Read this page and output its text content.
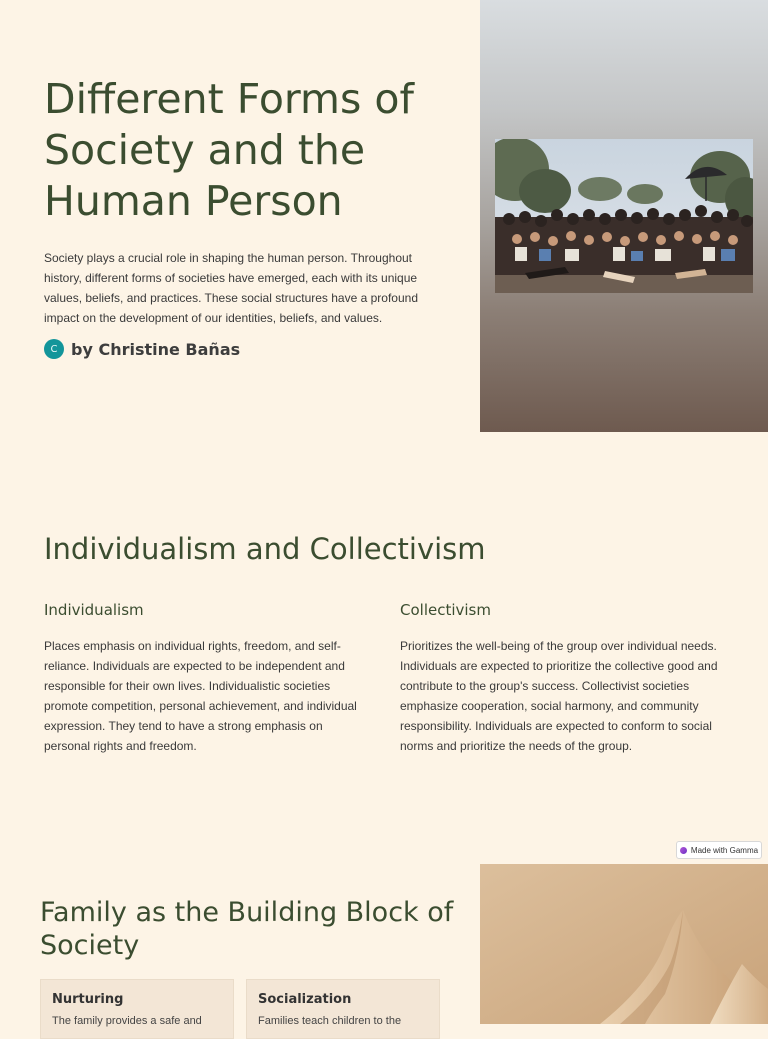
Different Forms of Society and the Human Person

Society plays a crucial role in shaping the human person. Throughout history, different forms of societies have emerged, each with its unique values, beliefs, and practices. These social structures have a profound impact on the development of our identities, beliefs, and values.

C by Christine Bañas
Individualism and Collectivism
Individualism

Places emphasis on individual rights, freedom, and self-reliance. Individuals are expected to be independent and responsible for their own lives. Individualistic societies promote competition, personal achievement, and individual expression. They tend to have a strong emphasis on personal rights and freedom.

Collectivism

Prioritizes the well-being of the group over individual needs. Individuals are expected to prioritize the collective good and contribute to the group's success. Collectivist societies emphasize cooperation, social harmony, and community responsibility. Individuals are expected to conform to social norms and prioritize the needs of the group.

Made with Gamma
Family as the Building Block of Society
Nurturing

The family provides a safe and

Socialization

Families teach children to the
